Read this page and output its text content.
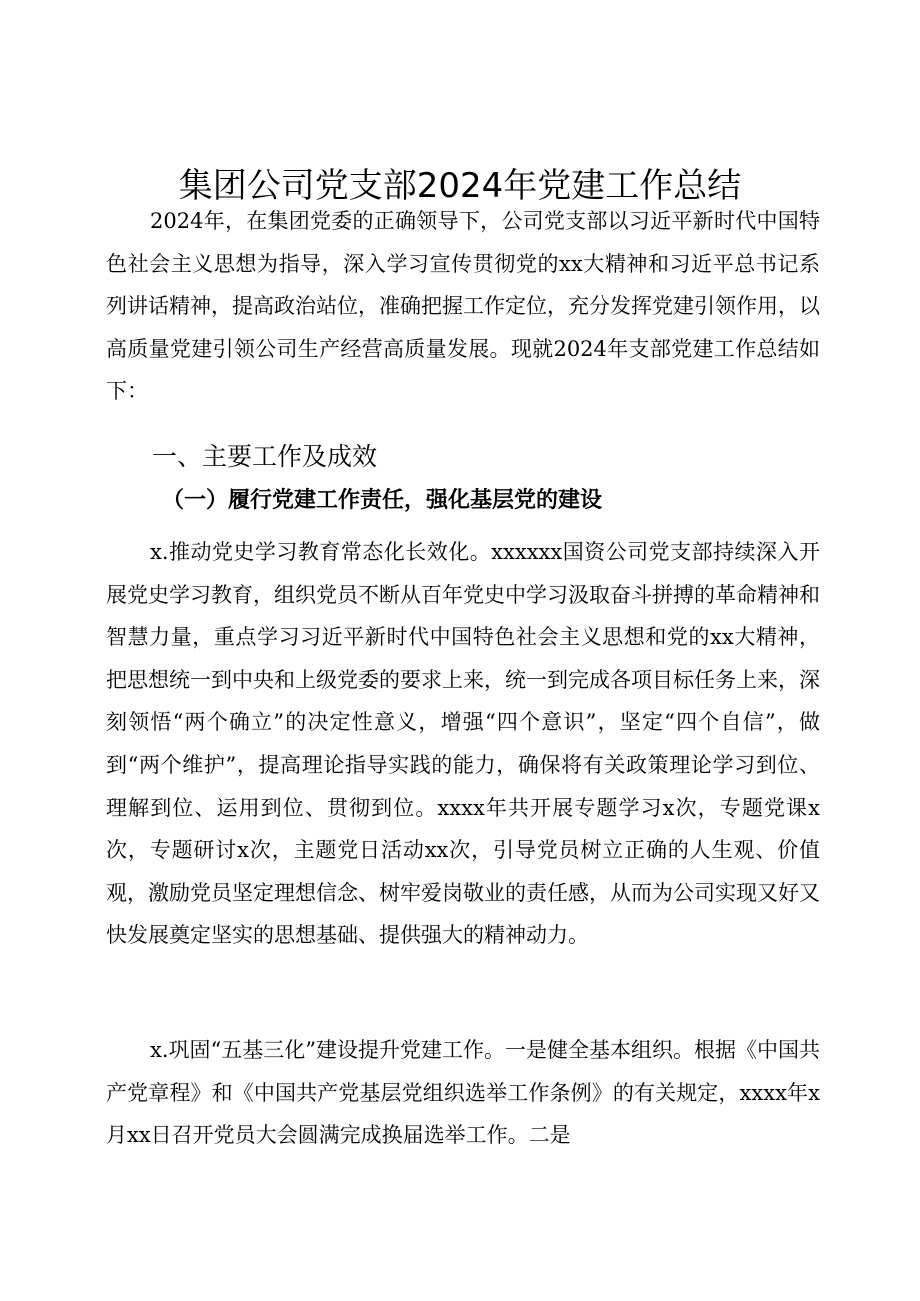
集团公司党支部2024年党建工作总结

2024年，在集团党委的正确领导下，公司党支部以习近平新时代中国特色社会主义思想为指导，深入学习宣传贯彻党的xx大精神和习近平总书记系列讲话精神，提高政治站位，准确把握工作定位，充分发挥党建引领作用，以高质量党建引领公司生产经营高质量发展。现就2024年支部党建工作总结如下：

一、主要工作及成效
（一）履行党建工作责任，强化基层党的建设

x.推动党史学习教育常态化长效化。xxxxxx国资公司党支部持续深入开展党史学习教育，组织党员不断从百年党史中学习汲取奋斗拼搏的革命精神和智慧力量，重点学习习近平新时代中国特色社会主义思想和党的xx大精神，把思想统一到中央和上级党委的要求上来，统一到完成各项目标任务上来，深刻领悟“两个确立”的决定性意义，增强“四个意识”，坚定“四个自信”，做到“两个维护”，提高理论指导实践的能力，确保将有关政策理论学习到位、理解到位、运用到位、贯彻到位。xxxx年共开展专题学习x次，专题党课x次，专题研讨x次，主题党日活动xx次，引导党员树立正确的人生观、价值观，激励党员坚定理想信念、树牢爱岗敬业的责任感，从而为公司实现又好又快发展奠定坚实的思想基础、提供强大的精神动力。

x.巩固“五基三化”建设提升党建工作。一是健全基本组织。根据《中国共产党章程》和《中国共产党基层党组织选举工作条例》的有关规定，xxxx年x月xx日召开党员大会圆满完成换届选举工作。二是
